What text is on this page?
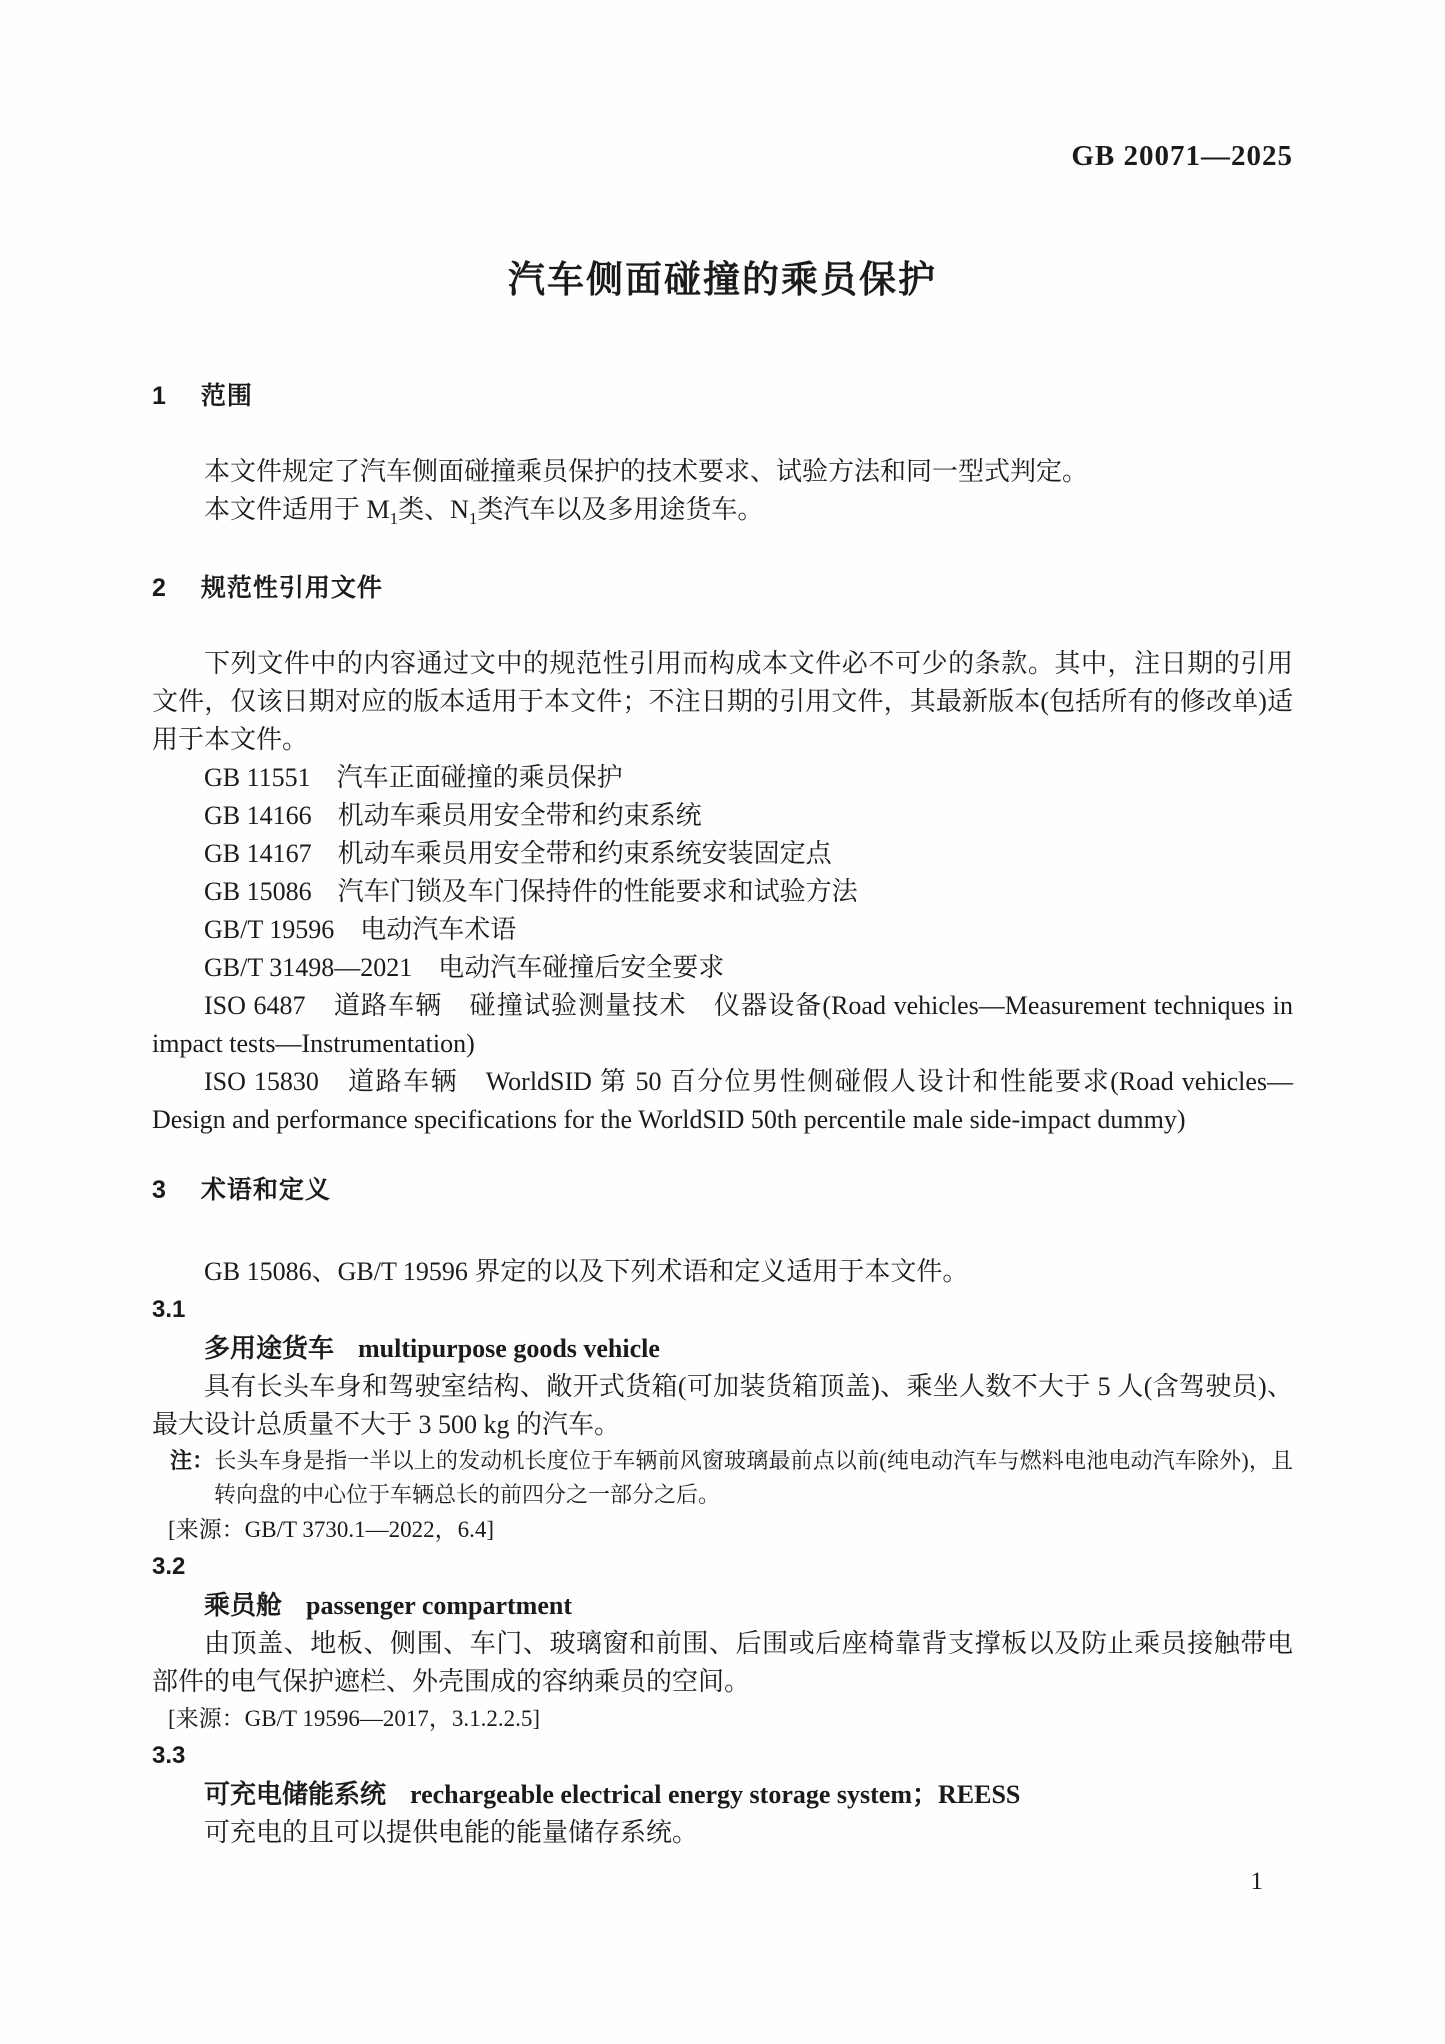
GB 20071—2025
汽车侧面碰撞的乘员保护
1 范围

本文件规定了汽车侧面碰撞乘员保护的技术要求、试验方法和同一型式判定。

本文件适用于 $M_1$类、$N_1$类汽车以及多用途货车。

2 规范性引用文件

下列文件中的内容通过文中的规范性引用而构成本文件必不可少的条款。其中，注日期的引用文件，仅该日期对应的版本适用于本文件；不注日期的引用文件，其最新版本(包括所有的修改单)适用于本文件。

GB 11551　汽车正面碰撞的乘员保护

GB 14166　机动车乘员用安全带和约束系统

GB 14167　机动车乘员用安全带和约束系统安装固定点

GB 15086　汽车门锁及车门保持件的性能要求和试验方法

GB/T 19596　电动汽车术语

GB/T 31498—2021　电动汽车碰撞后安全要求

ISO 6487　道路车辆　碰撞试验测量技术　仪器设备(Road vehicles—Measurement techniques in impact tests—Instrumentation)

ISO 15830　道路车辆　WorldSID 第 50 百分位男性侧碰假人设计和性能要求(Road vehicles—Design and performance specifications for the WorldSID 50th percentile male side-impact dummy)

3 术语和定义

GB 15086、GB/T 19596 界定的以及下列术语和定义适用于本文件。

3.1
多用途货车 multipurpose goods vehicle

具有长头车身和驾驶室结构、敞开式货箱(可加装货箱顶盖)、乘坐人数不大于 5 人(含驾驶员)、最大设计总质量不大于 3 500 kg 的汽车。

注：长头车身是指一半以上的发动机长度位于车辆前风窗玻璃最前点以前(纯电动汽车与燃料电池电动汽车除外)，且转向盘的中心位于车辆总长的前四分之一部分之后。
[来源：GB/T 3730.1—2022，6.4]
3.2
乘员舱 passenger compartment

由顶盖、地板、侧围、车门、玻璃窗和前围、后围或后座椅靠背支撑板以及防止乘员接触带电部件的电气保护遮栏、外壳围成的容纳乘员的空间。

[来源：GB/T 19596—2017，3.1.2.2.5]
3.3
可充电储能系统 rechargeable electrical energy storage system；REESS

可充电的且可以提供电能的能量储存系统。

1
